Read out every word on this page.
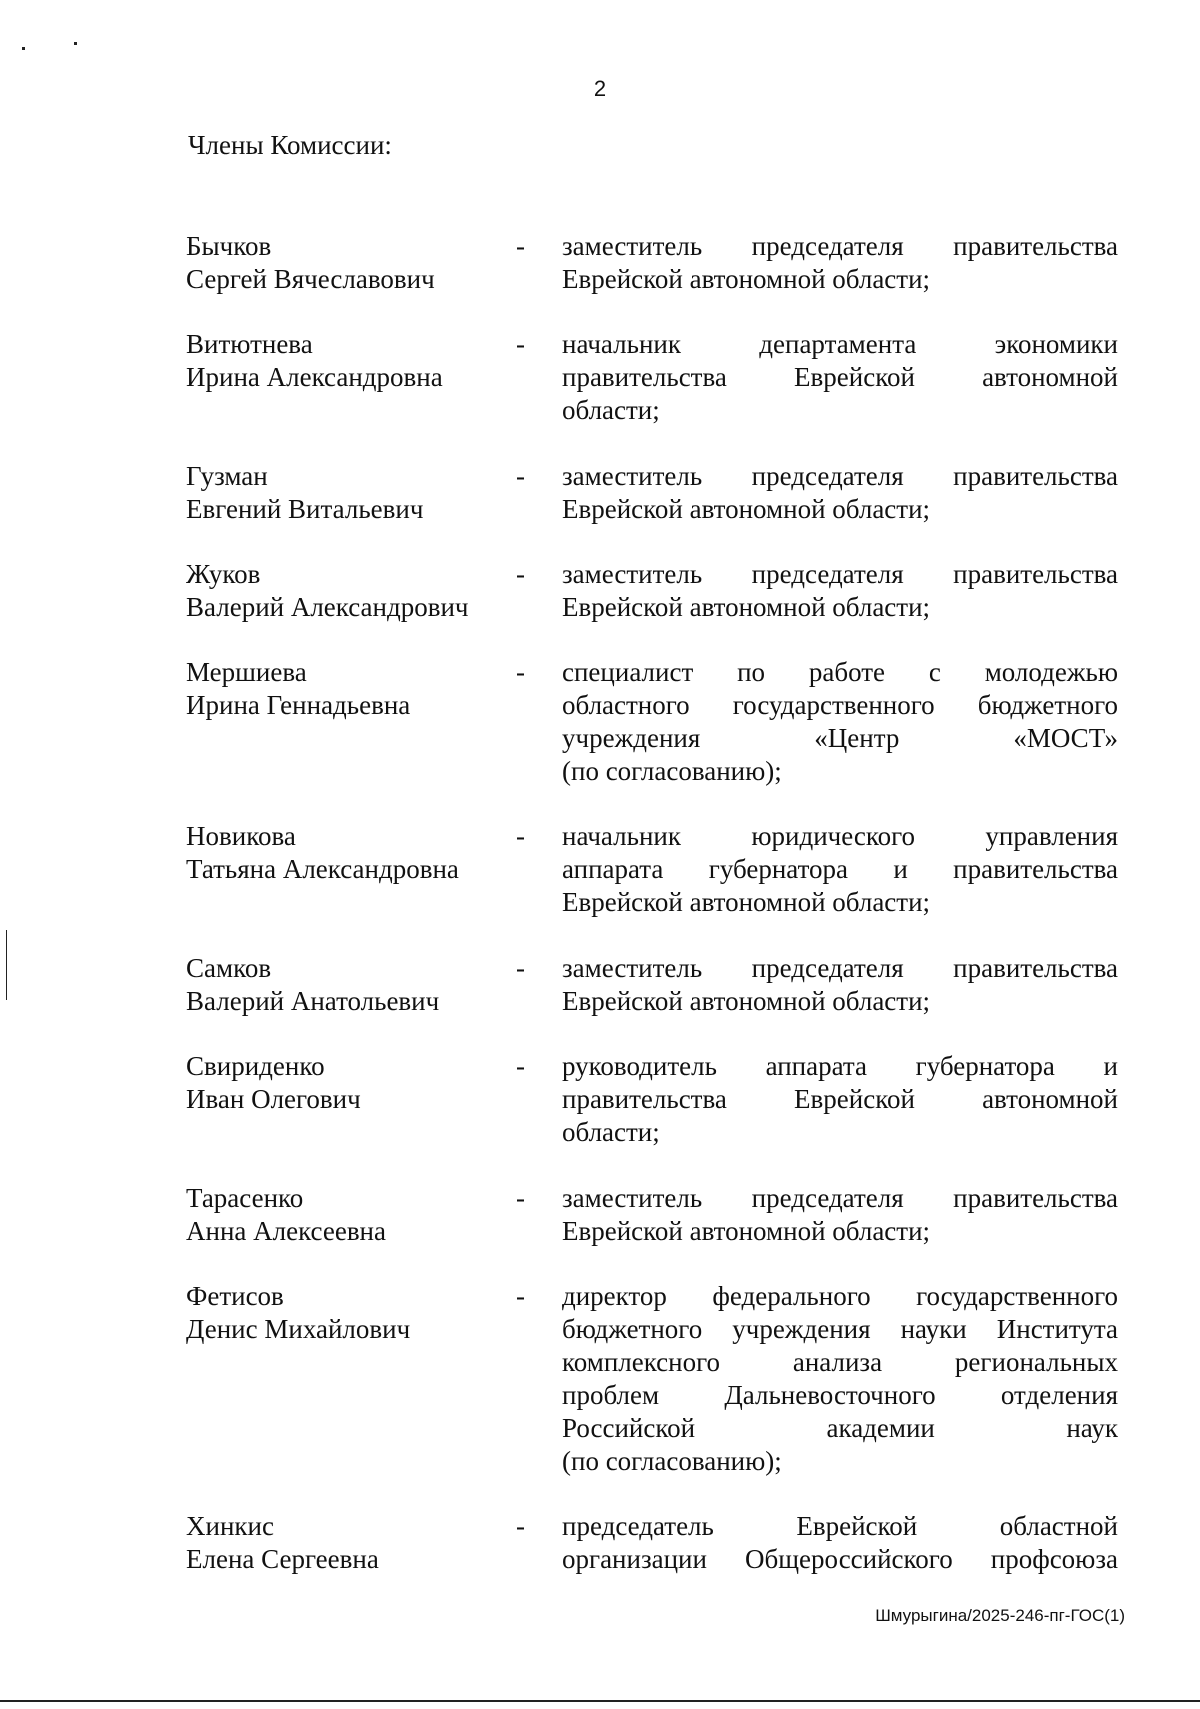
2
Члены Комиссии:
Бычков
Сергей Вячеславович
- заместитель председателя правительства
Еврейской автономной области;
Витютнева
Ирина Александровна
- начальник департамента экономики
правительства Еврейской автономной
области;
Гузман
Евгений Витальевич
- заместитель председателя правительства
Еврейской автономной области;
Жуков
Валерий Александрович
- заместитель председателя правительства
Еврейской автономной области;
Мершиева
Ирина Геннадьевна
- специалист по работе с молодежью
областного государственного бюджетного
учреждения «Центр «МОСТ»
(по согласованию);
Новикова
Татьяна Александровна
- начальник юридического управления
аппарата губернатора и правительства
Еврейской автономной области;
Самков
Валерий Анатольевич
- заместитель председателя правительства
Еврейской автономной области;
Свириденко
Иван Олегович
- руководитель аппарата губернатора и
правительства Еврейской автономной
области;
Тарасенко
Анна Алексеевна
- заместитель председателя правительства
Еврейской автономной области;
Фетисов
Денис Михайлович
- директор федерального государственного
бюджетного учреждения науки Института
комплексного анализа региональных
проблем Дальневосточного отделения
Российской академии наук
(по согласованию);
Хинкис
Елена Сергеевна
- председатель Еврейской областной
организации Общероссийского профсоюза
Шмурыгина/2025-246-пг-ГОС(1)
